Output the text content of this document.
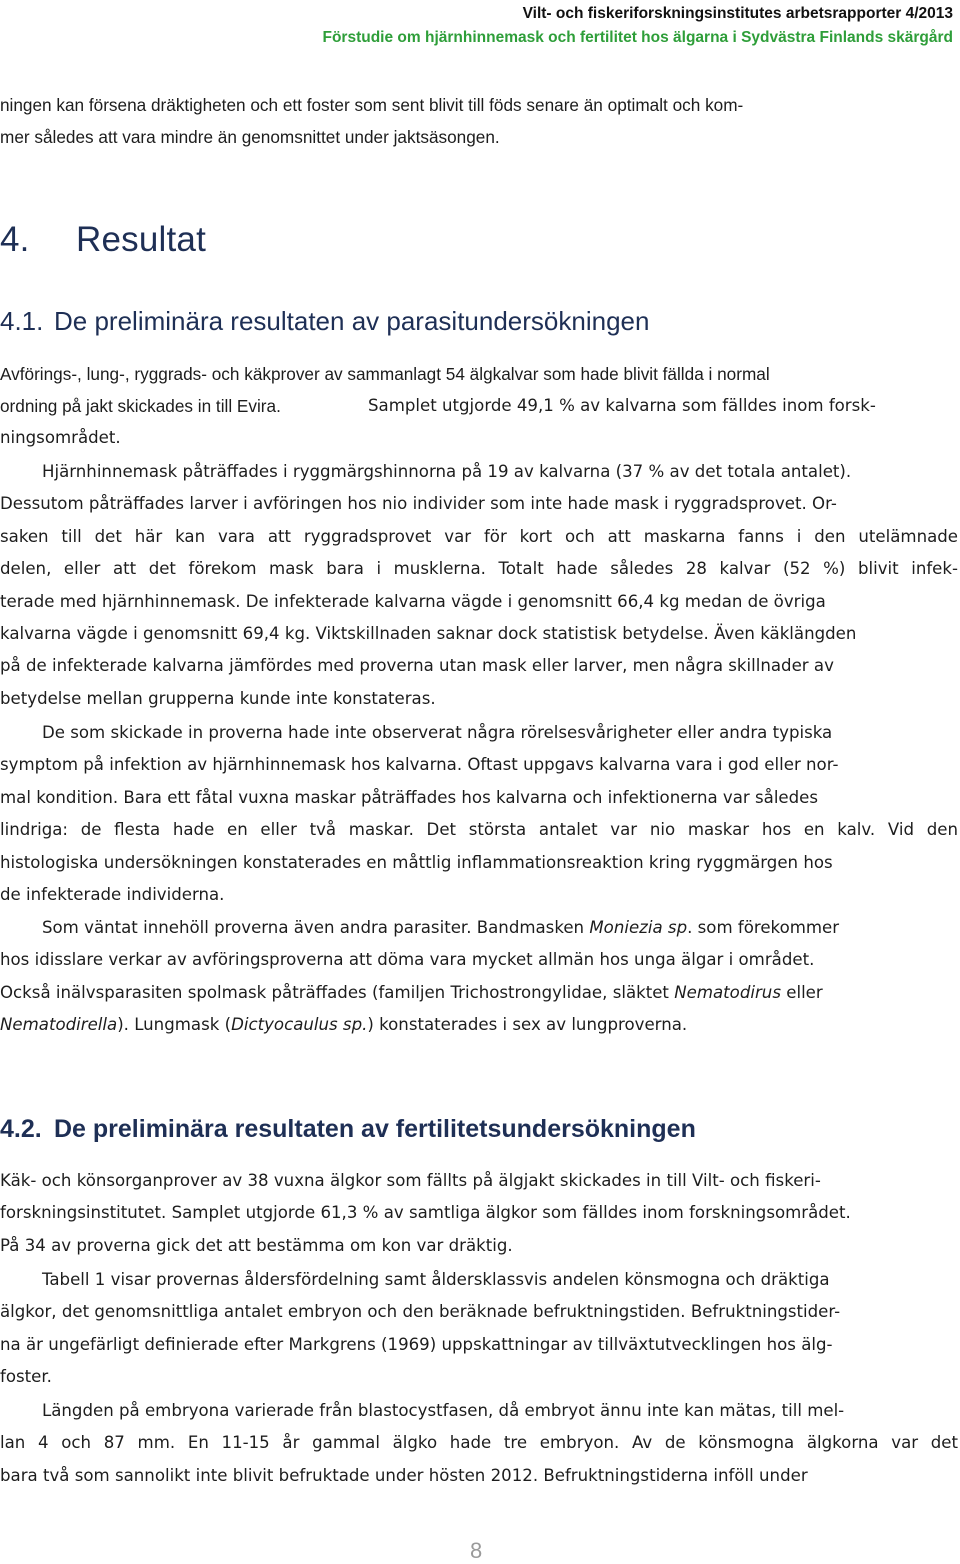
Vilt- och fiskeriforskningsinstitutes arbetsrapporter 4/2013
Förstudie om hjärnhinnemask och fertilitet hos älgarna i Sydvästra Finlands skärgård
ningen kan försena dräktigheten och ett foster som sent blivit till föds senare än optimalt och kom-
mer således att vara mindre än genomsnittet under jaktsäsongen.
4. Resultat
4.1. De preliminära resultaten av parasitundersökningen
Avförings-, lung-, ryggrads- och käkprover av sammanlagt 54 älgkalvar som hade blivit fällda i normal
ordning på jakt skickades in till Evira.	Samplet utgjorde 49,1 % av kalvarna som fälldes inom forsk-
ningsområdet.
Hjärnhinnemask påträffades i ryggmärgshinnorna på 19 av kalvarna (37 % av det totala antalet).
Dessutom påträffades larver i avföringen hos nio individer som inte hade mask i ryggradsprovet. Or-
saken till det här kan vara att ryggradsprovet var för kort och att maskarna fanns i den utelämnade
delen, eller att det förekom mask bara i musklerna. Totalt hade således 28 kalvar (52 %) blivit infek-
terade med hjärnhinnemask. De infekterade kalvarna vägde i genomsnitt 66,4 kg medan de övriga
kalvarna vägde i genomsnitt 69,4 kg. Viktskillnaden saknar dock statistisk betydelse. Även käklängden
på de infekterade kalvarna jämfördes med proverna utan mask eller larver, men några skillnader av
betydelse mellan grupperna kunde inte konstateras.
De som skickade in proverna hade inte observerat några rörelsesvårigheter eller andra typiska
symptom på infektion av hjärnhinnemask hos kalvarna. Oftast uppgavs kalvarna vara i god eller nor-
mal kondition. Bara ett fåtal vuxna maskar påträffades hos kalvarna och infektionerna var således
lindriga: de flesta hade en eller två maskar. Det största antalet var nio maskar hos en kalv. Vid den
histologiska undersökningen konstaterades en måttlig inflammationsreaktion kring ryggmärgen hos
de infekterade individerna.
Som väntat innehöll proverna även andra parasiter. Bandmasken Moniezia sp. som förekommer
hos idisslare verkar av avföringsproverna att döma vara mycket allmän hos unga älgar i området.
Också inälvsparasiten spolmask påträffades (familjen Trichostrongylidae, släktet Nematodirus eller
Nematodirella). Lungmask (Dictyocaulus sp.) konstaterades i sex av lungproverna.
4.2. De preliminära resultaten av fertilitetsundersökningen
Käk- och könsorganprover av 38 vuxna älgkor som fällts på älgjakt skickades in till Vilt- och fiskeri-
forskningsinstitutet. Samplet utgjorde 61,3 % av samtliga älgkor som fälldes inom forskningsområdet.
På 34 av proverna gick det att bestämma om kon var dräktig.
Tabell 1 visar provernas åldersfördelning samt åldersklassvis andelen könsmogna och dräktiga
älgkor, det genomsnittliga antalet embryon och den beräknade befruktningstiden. Befruktningstider-
na är ungefärligt definierade efter Markgrens (1969) uppskattningar av tillväxtutvecklingen hos älg-
foster.
Längden på embryona varierade från blastocystfasen, då embryot ännu inte kan mätas, till mel-
lan 4 och 87 mm. En 11-15 år gammal älgko hade tre embryon. Av de könsmogna älgkorna var det
bara två som sannolikt inte blivit befruktade under hösten 2012. Befruktningstiderna inföll under
8
